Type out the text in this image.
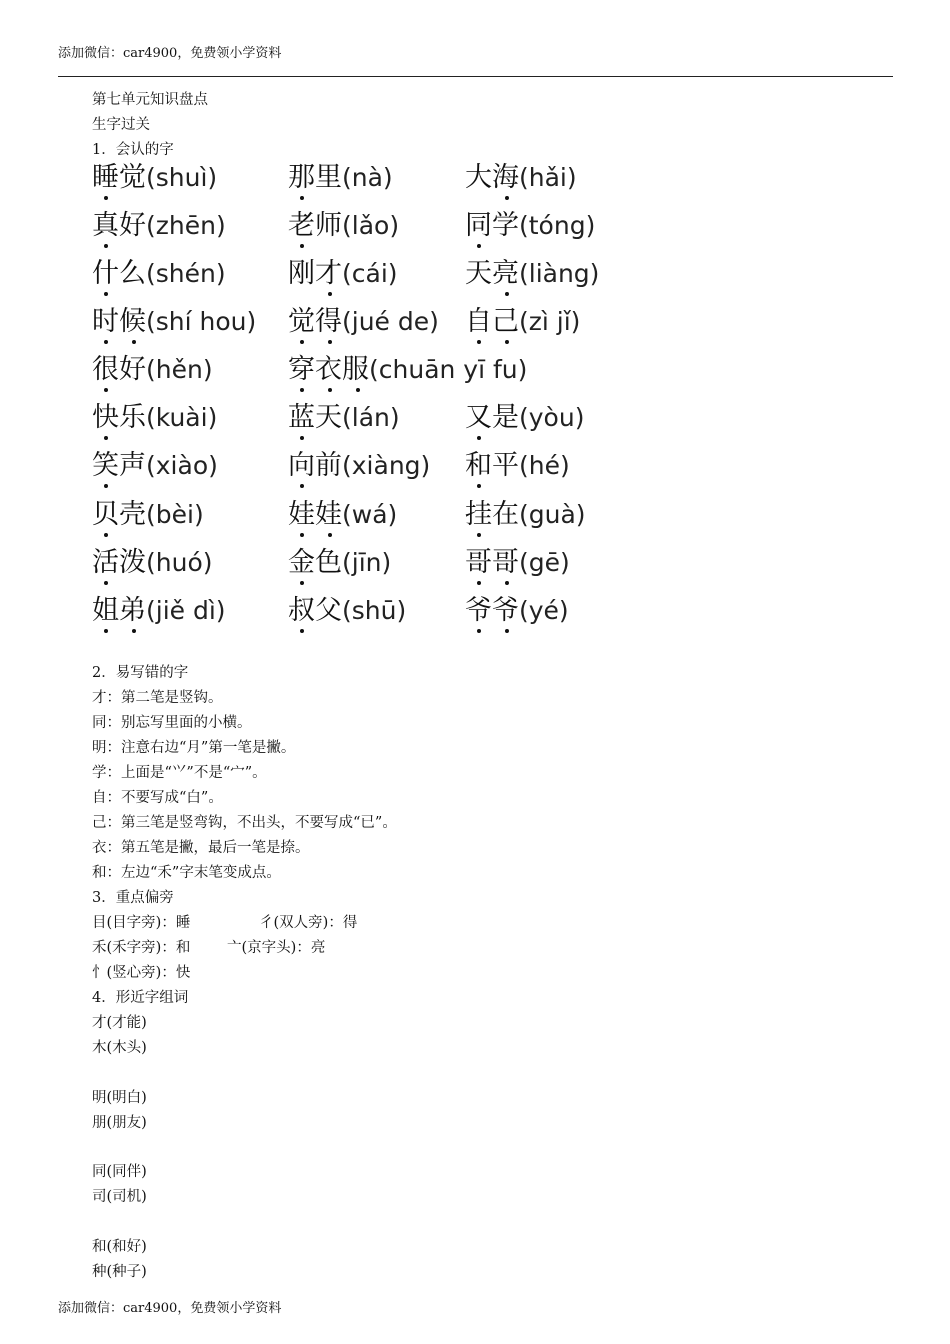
添加微信：car4900，免费领小学资料
第七单元知识盘点
生字过关
1．会认的字
睡觉(shuì)	那里(nà)	大海(hǎi)
真好(zhēn) 老师(lǎo) 同学(tóng)
什么(shén) 刚才(cái) 天亮(liàng)
时候(shí hou) 觉得(jué de) 自己(zì jǐ)
很好(hěn)	穿衣服(chuān yī fu)
快乐(kuài)	蓝天(lán) 又是(yòu)
笑声(xiào)	向前(xiàng) 和平(hé)
贝壳(bèi)	娃娃(wá)	挂在(guà)
活泼(huó)	金色(jīn)	哥哥(gē)
姐弟(jiě dì) 叔父(shū) 爷爷(yé)
2．易写错的字
才：第二笔是竖钩。
同：别忘写里面的小横。
明：注意右边“月”第一笔是撇。
学：上面是“⺍”不是“宀”。
自：不要写成“白”。
己：第三笔是竖弯钩，不出头，不要写成“已”。
衣：第五笔是撇，最后一笔是捺。
和：左边“禾”字末笔变成点。
3．重点偏旁
目(目字旁)：睡	彳(双人旁)：得
禾(禾字旁)：和	亠(京字头)：亮
忄(竖心旁)：快
4．形近字组词
才(才能)
木(木头)
明(明白)
朋(朋友)
同(同伴)
司(司机)
和(和好)
种(种子)
添加微信：car4900，免费领小学资料
